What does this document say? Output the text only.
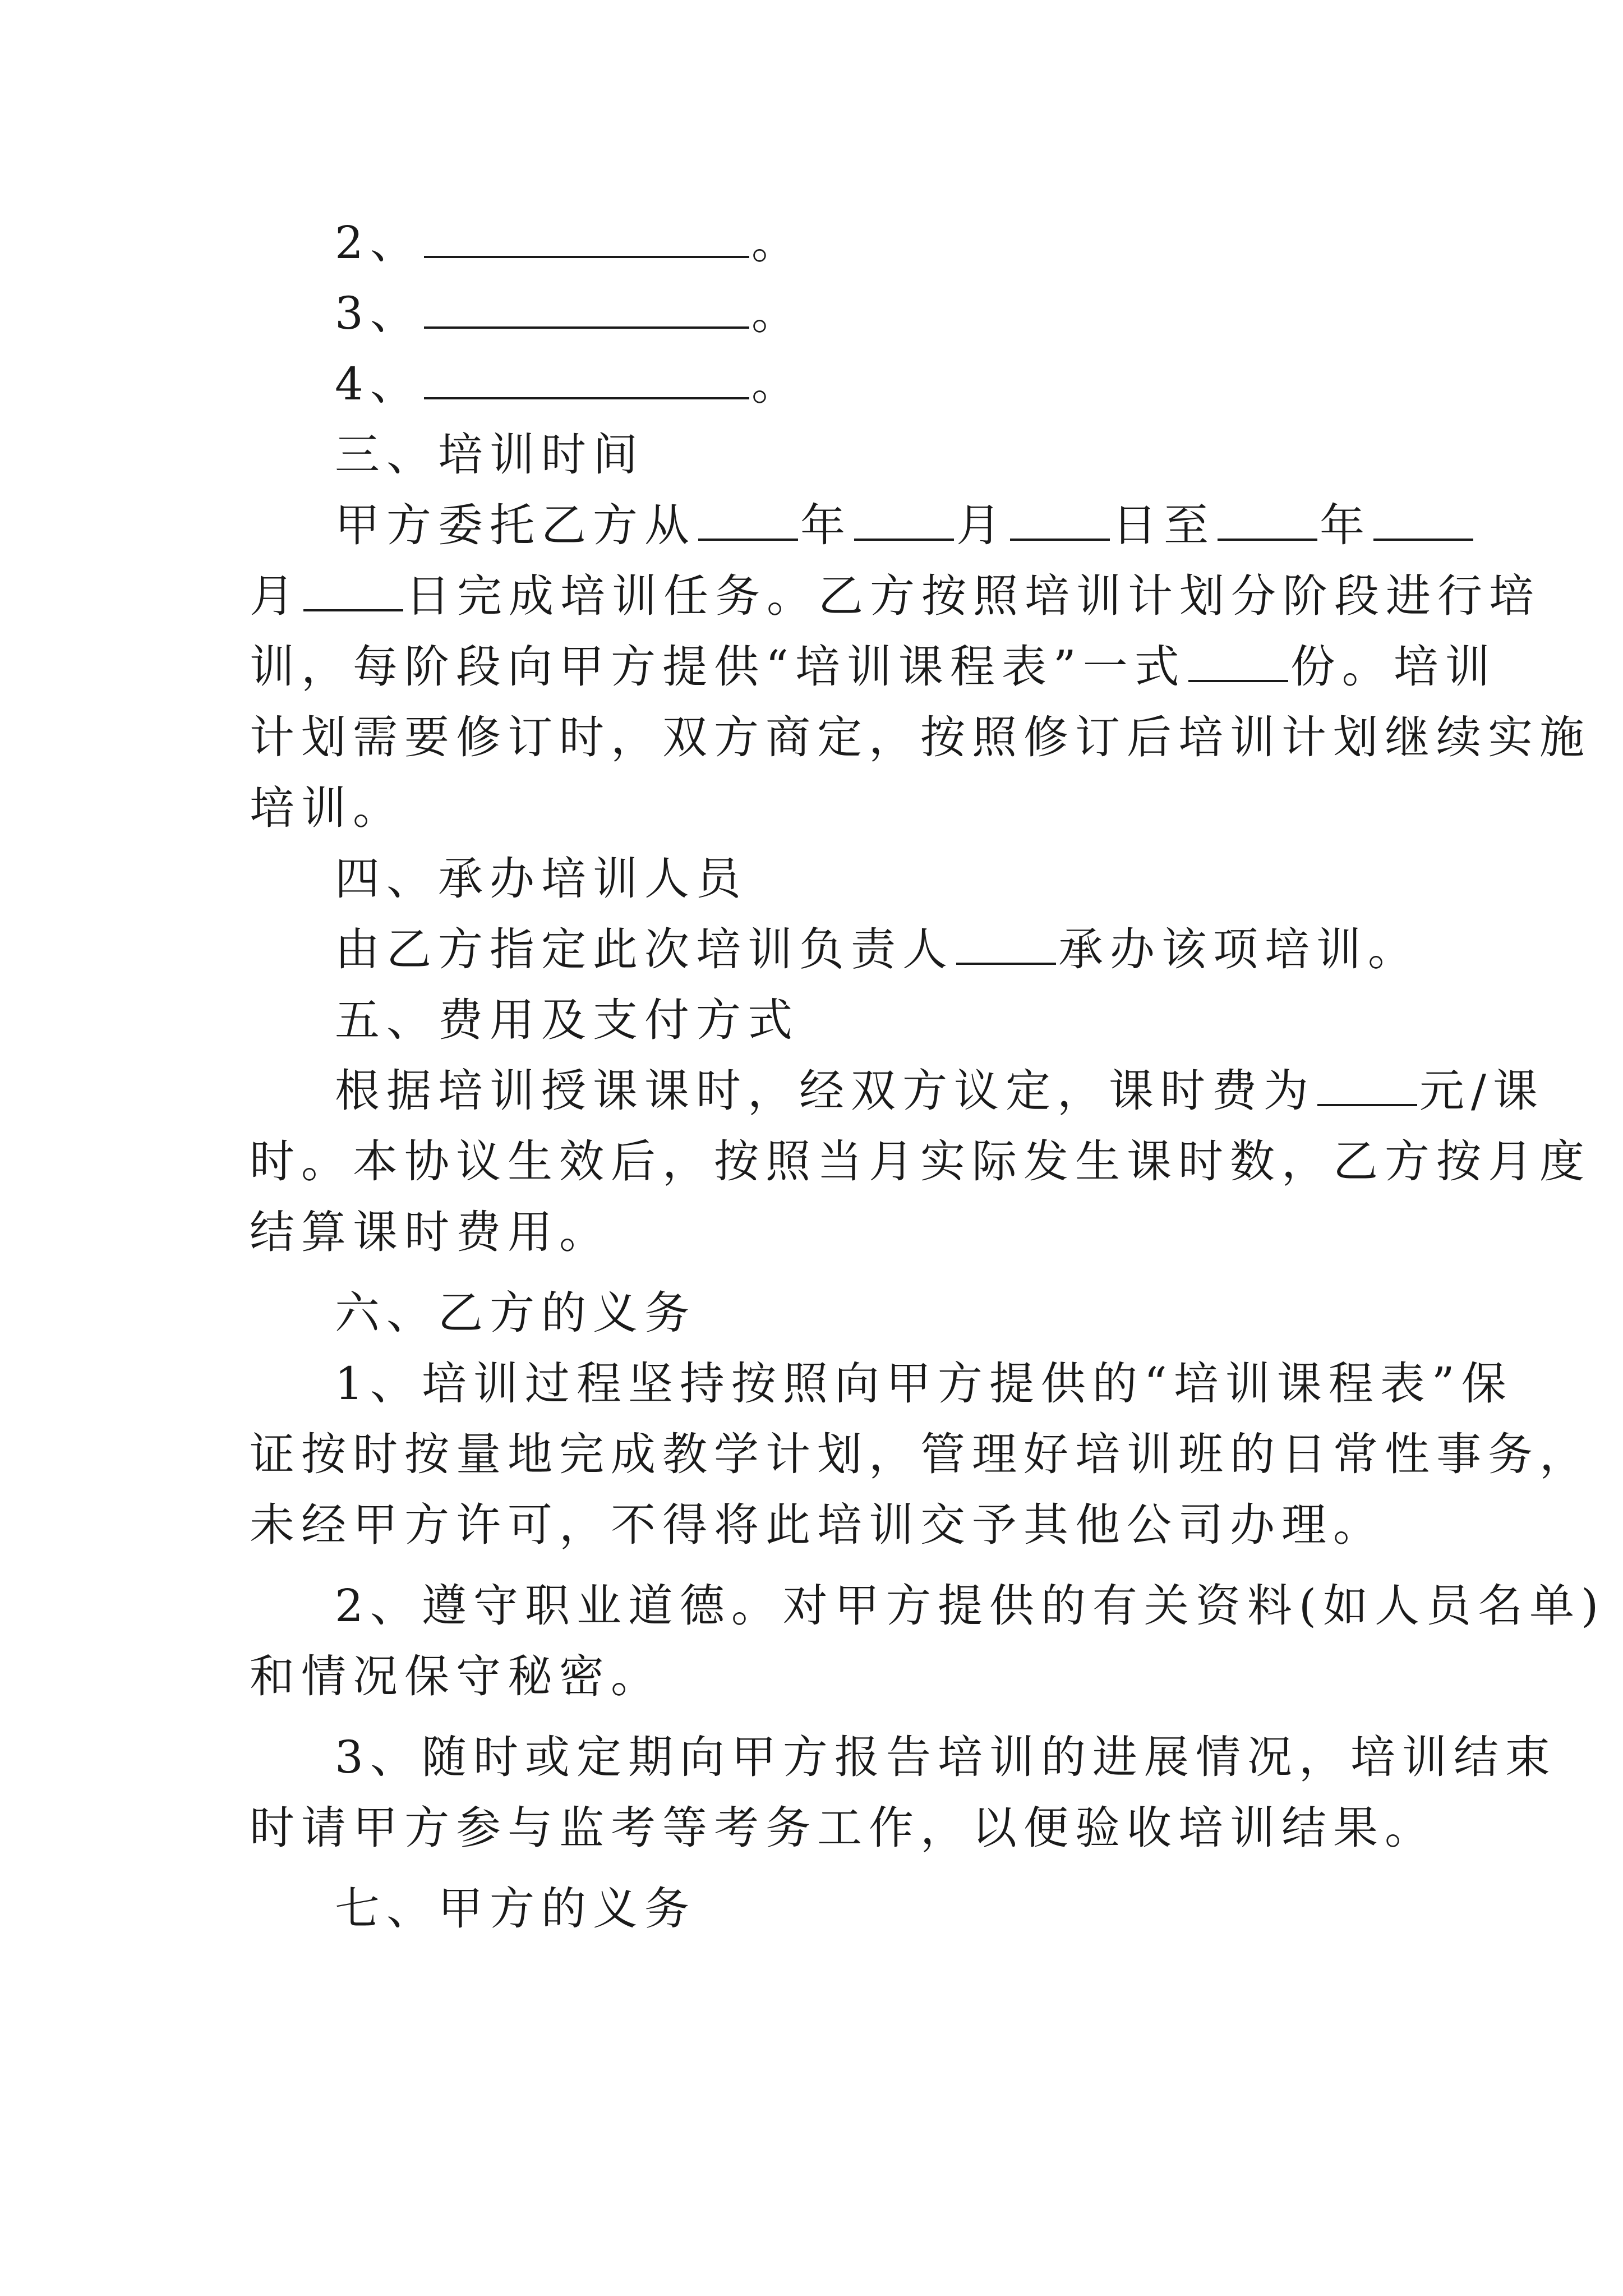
2、	。

3、	。

4、	。

三、培训时间

甲方委托乙方从 年 月 日至 年

月 日完成培训任务。乙方按照培训计划分阶段进行培

训，每阶段向甲方提供“培训课程表”一式 份。培训

计划需要修订时，双方商定，按照修订后培训计划继续实施

培训。

四、承办培训人员

由乙方指定此次培训负责人 承办该项培训。

五、费用及支付方式

根据培训授课课时，经双方议定，课时费为 元/课

时。本协议生效后，按照当月实际发生课时数，乙方按月度

结算课时费用。

六、乙方的义务

1、培训过程坚持按照向甲方提供的“培训课程表”保

证按时按量地完成教学计划，管理好培训班的日常性事务，

未经甲方许可，不得将此培训交予其他公司办理。

2、遵守职业道德。对甲方提供的有关资料(如人员名单)

和情况保守秘密。

3、随时或定期向甲方报告培训的进展情况，培训结束

时请甲方参与监考等考务工作，以便验收培训结果。

七、甲方的义务
